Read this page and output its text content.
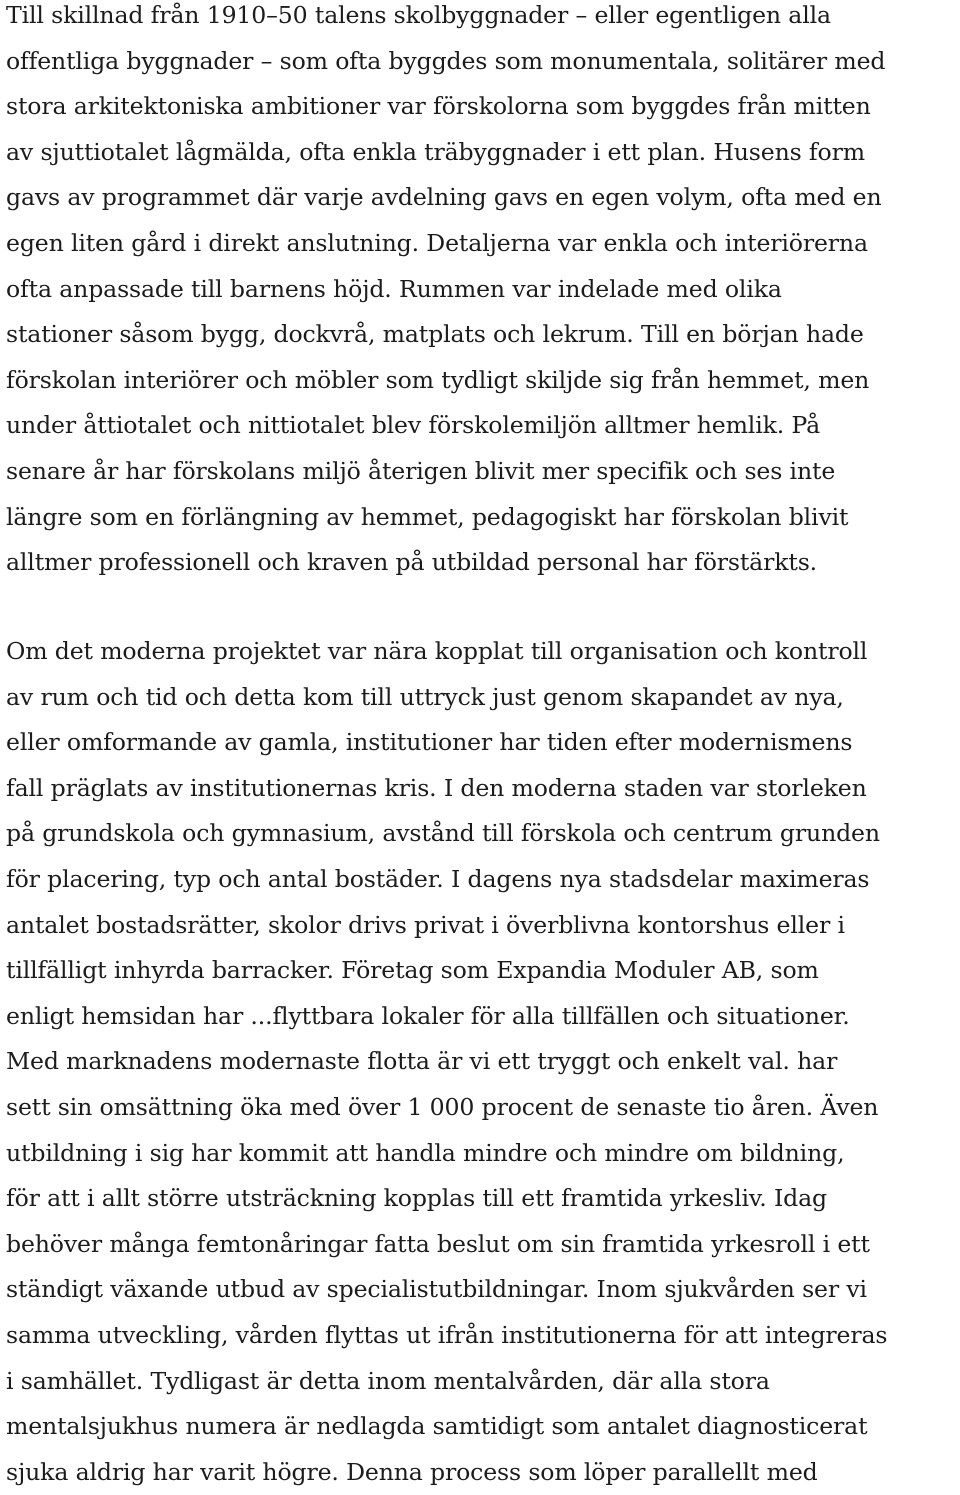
Till skillnad från 1910–50 talens skolbyggnader – eller egentligen alla
offentliga byggnader – som ofta byggdes som monumentala, solitärer med
stora arkitektoniska ambitioner var förskolorna som byggdes från mitten
av sjuttiotalet lågmälda, ofta enkla träbyggnader i ett plan. Husens form
gavs av programmet där varje avdelning gavs en egen volym, ofta med en
egen liten gård i direkt anslutning. Detaljerna var enkla och interiörerna
ofta anpassade till barnens höjd. Rummen var indelade med olika
stationer såsom bygg, dockvrå, matplats och lekrum. Till en början hade
förskolan interiörer och möbler som tydligt skiljde sig från hemmet, men
under åttiotalet och nittiotalet blev förskolemiljön alltmer hemlik. På
senare år har förskolans miljö återigen blivit mer specifik och ses inte
längre som en förlängning av hemmet, pedagogiskt har förskolan blivit
alltmer professionell och kraven på utbildad personal har förstärkts.

Om det moderna projektet var nära kopplat till organisation och kontroll
av rum och tid och detta kom till uttryck just genom skapandet av nya,
eller omformande av gamla, institutioner har tiden efter modernismens
fall präglats av institutionernas kris. I den moderna staden var storleken
på grundskola och gymnasium, avstånd till förskola och centrum grunden
för placering, typ och antal bostäder. I dagens nya stadsdelar maximeras
antalet bostadsrätter, skolor drivs privat i överblivna kontorshus eller i
tillfälligt inhyrda barracker. Företag som Expandia Moduler AB, som
enligt hemsidan har ...flyttbara lokaler för alla tillfällen och situationer.
Med marknadens modernaste flotta är vi ett tryggt och enkelt val. har
sett sin omsättning öka med över 1 000 procent de senaste tio åren. Även
utbildning i sig har kommit att handla mindre och mindre om bildning,
för att i allt större utsträckning kopplas till ett framtida yrkesliv. Idag
behöver många femtonåringar fatta beslut om sin framtida yrkesroll i ett
ständigt växande utbud av specialistutbildningar. Inom sjukvården ser vi
samma utveckling, vården flyttas ut ifrån institutionerna för att integreras
i samhället. Tydligast är detta inom mentalvården, där alla stora
mentalsjukhus numera är nedlagda samtidigt som antalet diagnosticerat
sjuka aldrig har varit högre. Denna process som löper parallellt med
